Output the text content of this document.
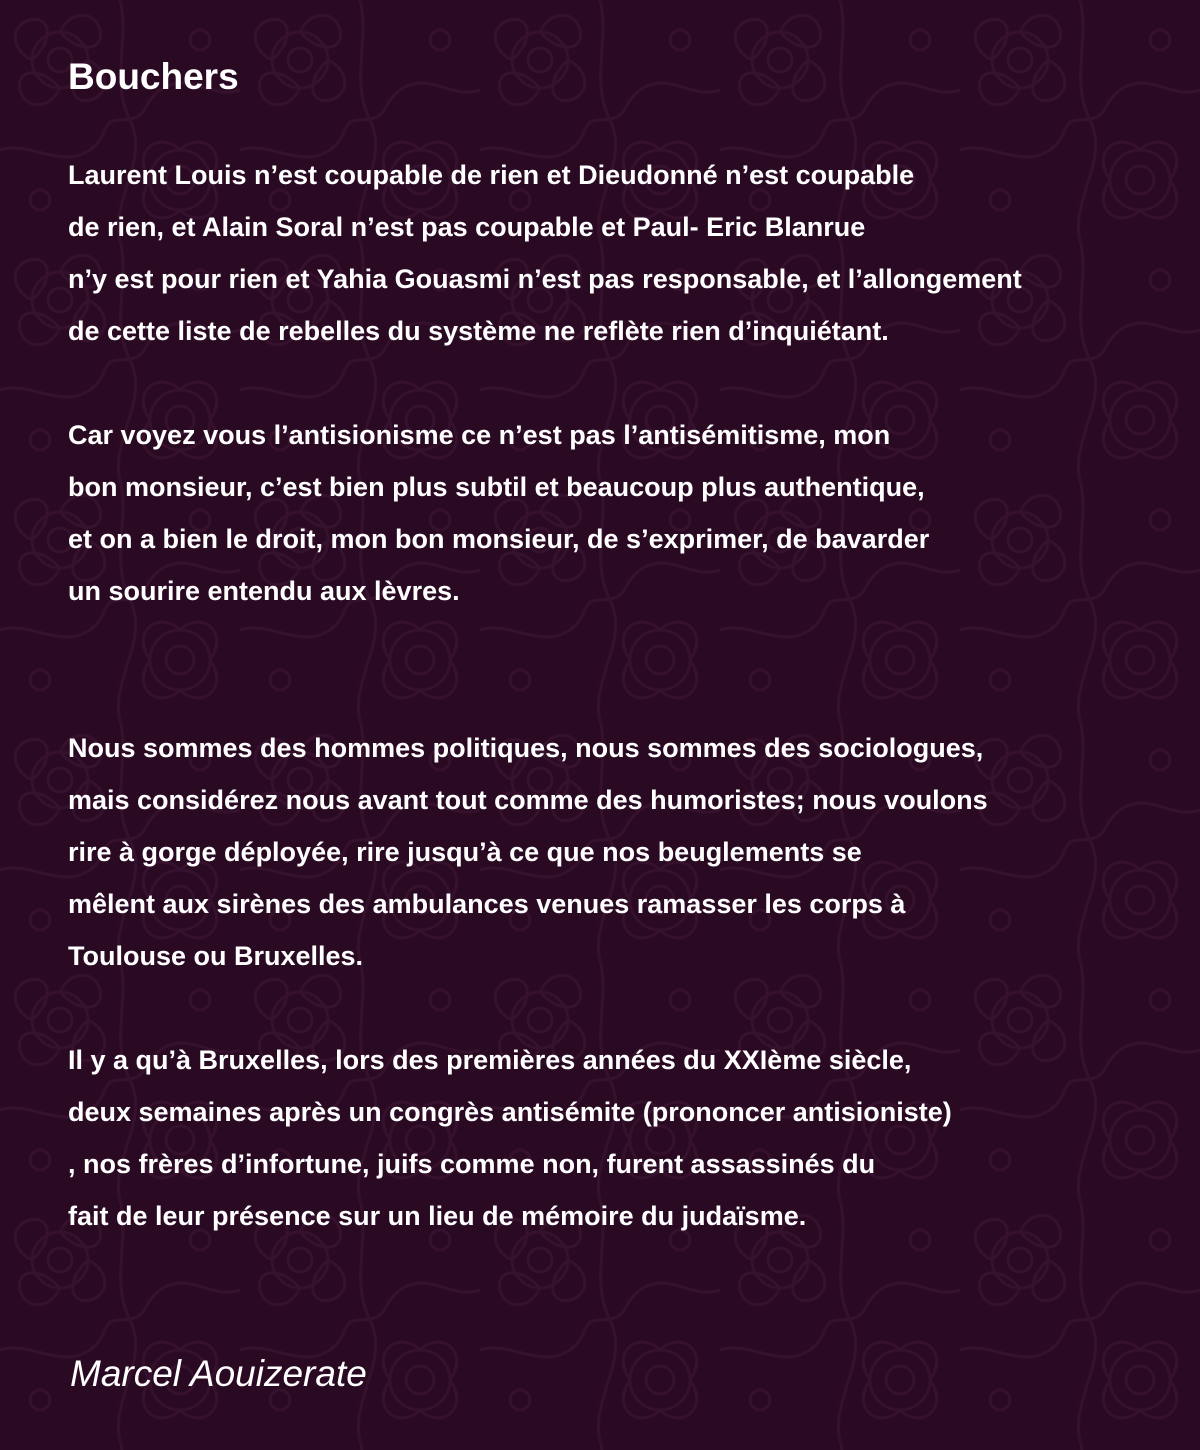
Bouchers
Laurent Louis n’est coupable de rien et Dieudonné n’est coupable
de rien, et Alain Soral n’est pas coupable et Paul- Eric Blanrue
n’y est pour rien et Yahia Gouasmi n’est pas responsable, et l’allongement
de cette liste de rebelles du système ne reflète rien d’inquiétant.
Car voyez vous l’antisionisme ce n’est pas l’antisémitisme, mon
bon monsieur, c’est bien plus subtil et beaucoup plus authentique,
et on a bien le droit, mon bon monsieur, de s’exprimer, de bavarder
un sourire entendu aux lèvres.
Nous sommes des hommes politiques, nous sommes des sociologues,
mais considérez nous avant tout comme des humoristes; nous voulons
rire à gorge déployée, rire jusqu’à ce que nos beuglements se
mêlent aux sirènes des ambulances venues ramasser les corps à
Toulouse ou Bruxelles.
Il y a qu’à Bruxelles, lors des premières années du XXIème siècle,
deux semaines après un congrès antisémite (prononcer antisioniste)
, nos frères d’infortune, juifs comme non, furent assassinés du
fait de leur présence sur un lieu de mémoire du judaïsme.

Marcel Aouizerate
